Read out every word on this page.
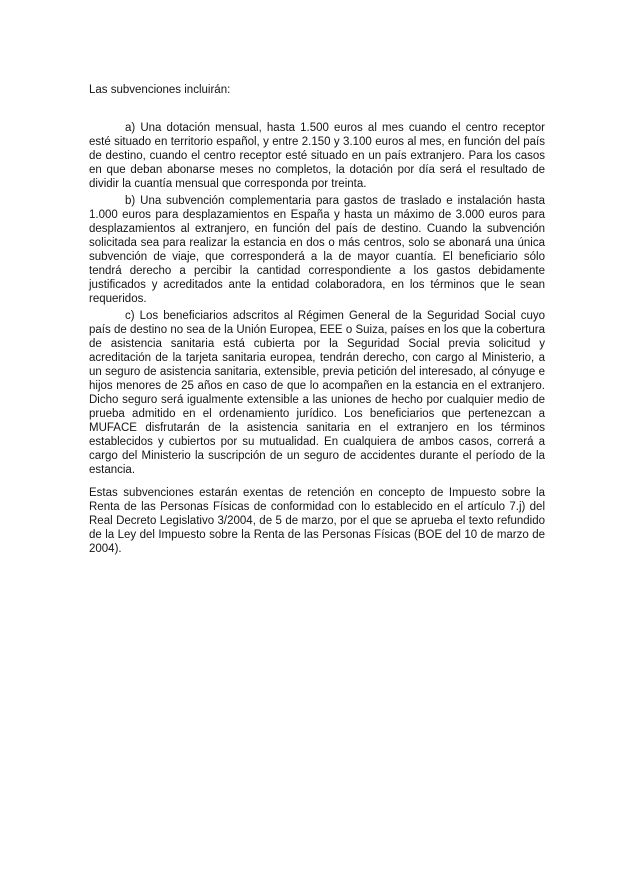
Las subvenciones incluirán:

a) Una dotación mensual, hasta 1.500 euros al mes cuando el centro receptor esté situado en territorio español, y entre 2.150 y 3.100 euros al mes, en función del país de destino, cuando el centro receptor esté situado en un país extranjero. Para los casos en que deban abonarse meses no completos, la dotación por día será el resultado de dividir la cuantía mensual que corresponda por treinta.

b) Una subvención complementaria para gastos de traslado e instalación hasta 1.000 euros para desplazamientos en España y hasta un máximo de 3.000 euros para desplazamientos al extranjero, en función del país de destino. Cuando la subvención solicitada sea para realizar la estancia en dos o más centros, solo se abonará una única subvención de viaje, que corresponderá a la de mayor cuantía. El beneficiario sólo tendrá derecho a percibir la cantidad correspondiente a los gastos debidamente justificados y acreditados ante la entidad colaboradora, en los términos que le sean requeridos.

c) Los beneficiarios adscritos al Régimen General de la Seguridad Social cuyo país de destino no sea de la Unión Europea, EEE o Suiza, países en los que la cobertura de asistencia sanitaria está cubierta por la Seguridad Social previa solicitud y acreditación de la tarjeta sanitaria europea, tendrán derecho, con cargo al Ministerio, a un seguro de asistencia sanitaria, extensible, previa petición del interesado, al cónyuge e hijos menores de 25 años en caso de que lo acompañen en la estancia en el extranjero. Dicho seguro será igualmente extensible a las uniones de hecho por cualquier medio de prueba admitido en el ordenamiento jurídico. Los beneficiarios que pertenezcan a MUFACE disfrutarán de la asistencia sanitaria en el extranjero en los términos establecidos y cubiertos por su mutualidad. En cualquiera de ambos casos, correrá a cargo del Ministerio la suscripción de un seguro de accidentes durante el período de la estancia.

Estas subvenciones estarán exentas de retención en concepto de Impuesto sobre la Renta de las Personas Físicas de conformidad con lo establecido en el artículo 7.j) del Real Decreto Legislativo 3/2004, de 5 de marzo, por el que se aprueba el texto refundido de la Ley del Impuesto sobre la Renta de las Personas Físicas (BOE del 10 de marzo de 2004).
